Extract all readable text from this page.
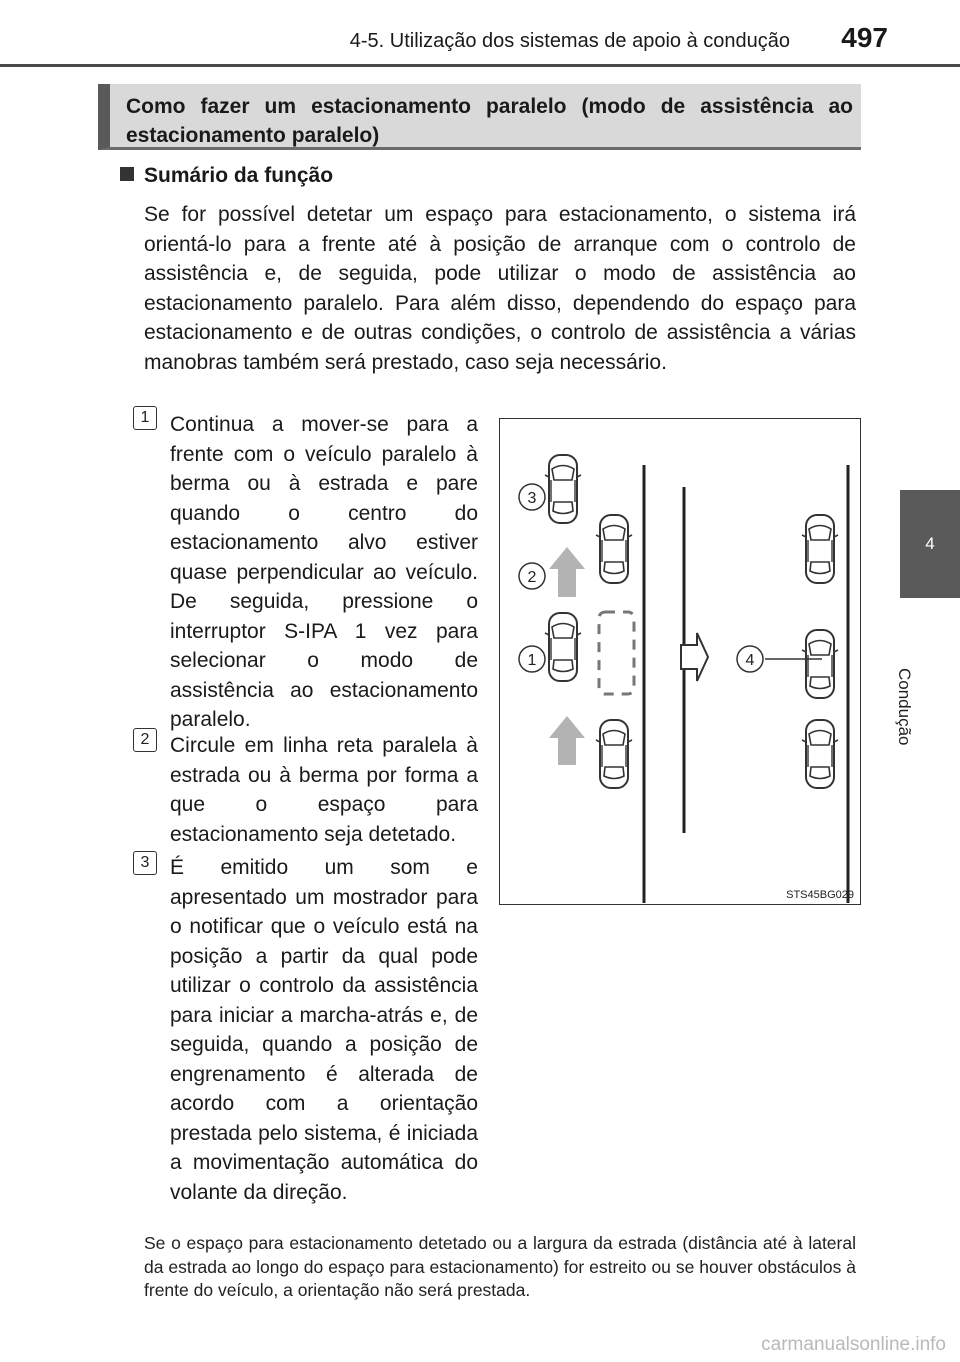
4-5. Utilização dos sistemas de apoio à condução 497
4
Condução
Como fazer um estacionamento paralelo (modo de assistência ao estacionamento paralelo)
Sumário da função
Se for possível detetar um espaço para estacionamento, o sistema irá orientá-lo para a frente até à posição de arranque com o controlo de assistência e, de seguida, pode utilizar o modo de assistência ao estacionamento paralelo. Para além disso, dependendo do espaço para estacionamento e de outras condições, o controlo de assistência a várias manobras também será prestado, caso seja necessário.
1 Continua a mover-se para a frente com o veículo paralelo à berma ou à estrada e pare quando o centro do estacionamento alvo estiver quase perpendicular ao veículo. De seguida, pressione o interruptor S-IPA 1 vez para selecionar o modo de assistência ao estacionamento paralelo.
2 Circule em linha reta paralela à estrada ou à berma por forma a que o espaço para estacionamento seja detetado.
3 É emitido um som e apresentado um mostrador para o notificar que o veículo está na posição a partir da qual pode utilizar o controlo da assistência para iniciar a marcha-atrás e, de seguida, quando a posição de engrenamento é alterada de acordo com a orientação prestada pelo sistema, é iniciada a movimentação automática do volante da direção.
3
2
1	4
STS45BG029
Se o espaço para estacionamento detetado ou a largura da estrada (distância até à lateral da estrada ao longo do espaço para estacionamento) for estreito ou se houver obstáculos à frente do veículo, a orientação não será prestada.
carmanualsonline.info
